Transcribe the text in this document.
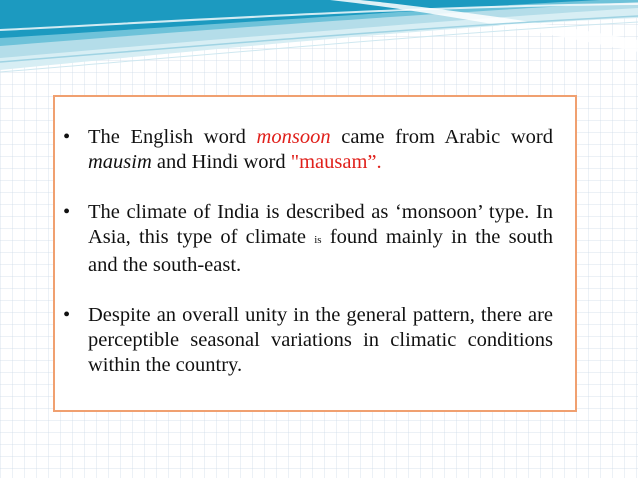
• The English word monsoon came from Arabic word mausim and Hindi word "mausam”.
• The climate of India is described as ‘monsoon’ type. In Asia, this type of climate is found mainly in the south and the south-east.
• Despite an overall unity in the general pattern, there are perceptible seasonal variations in climatic conditions within the country.
